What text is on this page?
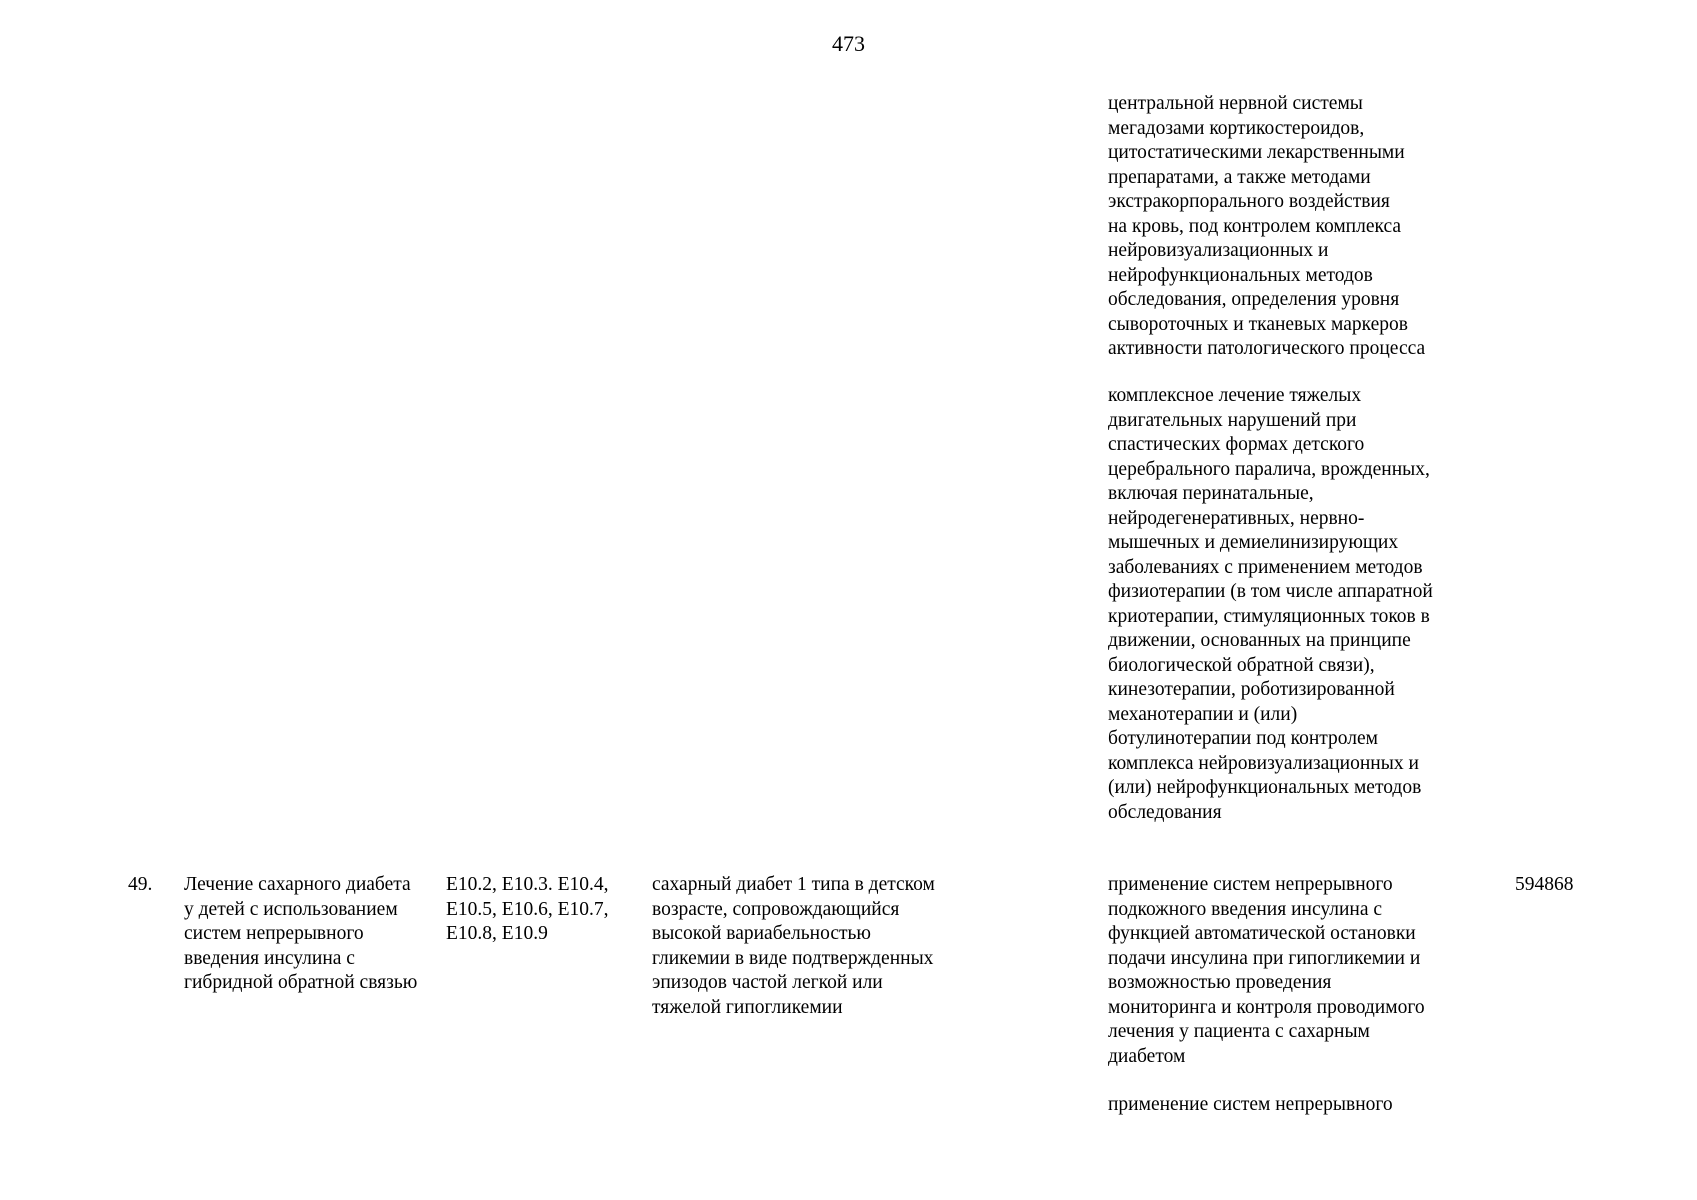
473
центральной нервной системы
мегадозами кортикостероидов,
цитостатическими лекарственными
препаратами, а также методами
экстракорпорального воздействия
на кровь, под контролем комплекса
нейровизуализационных и
нейрофункциональных методов
обследования, определения уровня
сывороточных и тканевых маркеров
активности патологического процесса
комплексное лечение тяжелых
двигательных нарушений при
спастических формах детского
церебрального паралича, врожденных,
включая перинатальные,
нейродегенеративных, нервно-
мышечных и демиелинизирующих
заболеваниях с применением методов
физиотерапии (в том числе аппаратной
криотерапии, стимуляционных токов в
движении, основанных на принципе
биологической обратной связи),
кинезотерапии, роботизированной
механотерапии и (или)
ботулинотерапии под контролем
комплекса нейровизуализационных и
(или) нейрофункциональных методов
обследования
49.	Лечение сахарного диабета
у детей с использованием
систем непрерывного
введения инсулина с
гибридной обратной связью
E10.2, E10.3. E10.4,
E10.5, E10.6, E10.7,
E10.8, E10.9
сахарный диабет 1 типа в детском
возрасте, сопровождающийся
высокой вариабельностью
гликемии в виде подтвержденных
эпизодов частой легкой или
тяжелой гипогликемии
применение систем непрерывного
подкожного введения инсулина с
функцией автоматической остановки
подачи инсулина при гипогликемии и
возможностью проведения
мониторинга и контроля проводимого
лечения у пациента с сахарным
диабетом
применение систем непрерывного
594868
